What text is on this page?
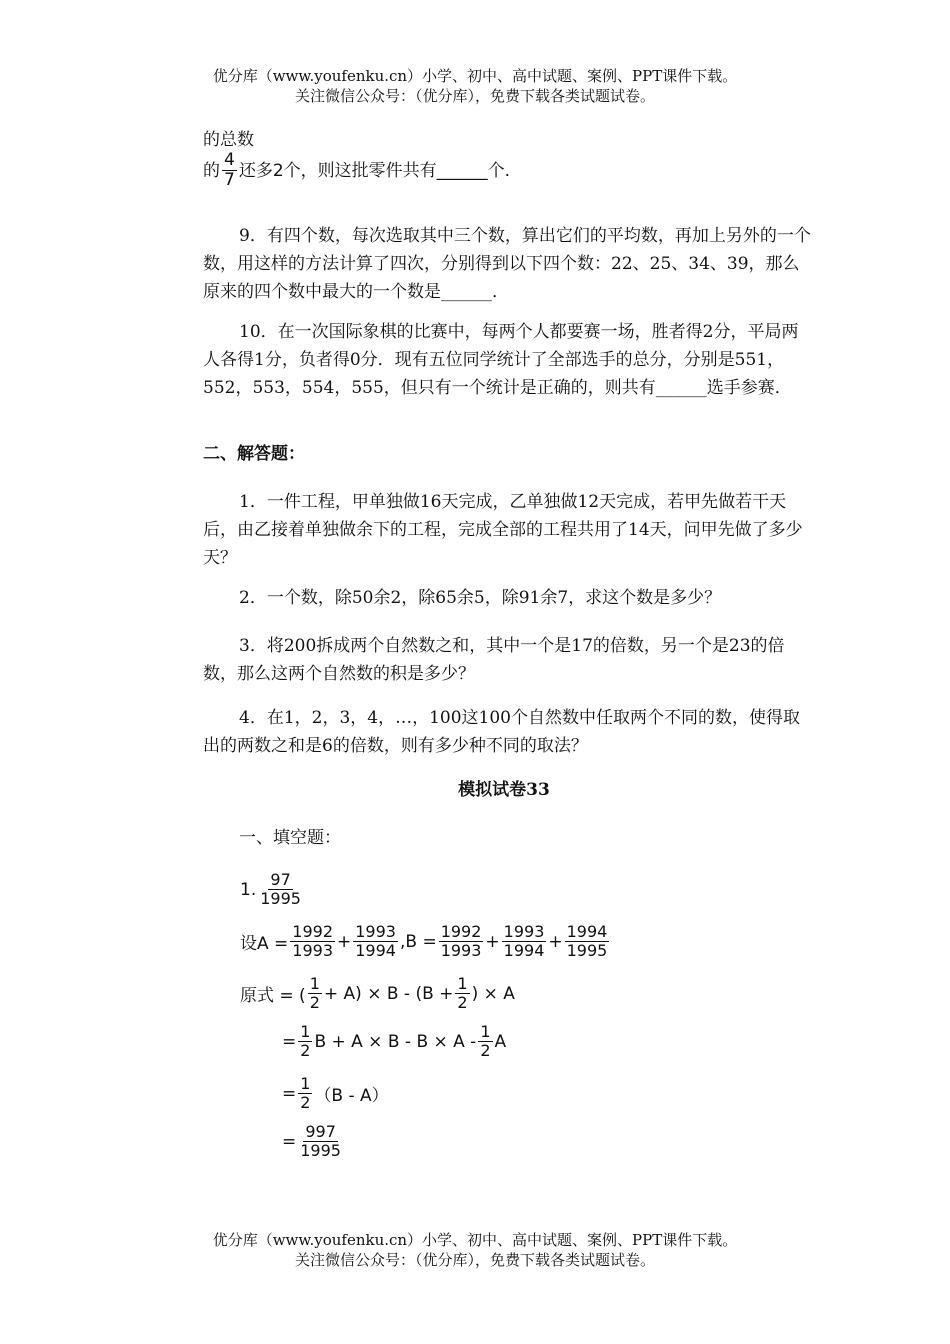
优分库（www.youfenku.cn）小学、初中、高中试题、案例、PPT课件下载。
关注微信公众号：（优分库），免费下载各类试题试卷。
的总数
的 $\frac{4}{7}$ 还多2个，则这批零件共有______个.
9．有四个数，每次选取其中三个数，算出它们的平均数，再加上另外的一个数，用这样的方法计算了四次，分别得到以下四个数：22、25、34、39，那么原来的四个数中最大的一个数是______．
10．在一次国际象棋的比赛中，每两个人都要赛一场，胜者得2分，平局两人各得1分，负者得0分．现有五位同学统计了全部选手的总分，分别是551，552，553，554，555，但只有一个统计是正确的，则共有______选手参赛．
二、解答题：
1．一件工程，甲单独做16天完成，乙单独做12天完成，若甲先做若干天后，由乙接着单独做余下的工程，完成全部的工程共用了14天，问甲先做了多少天？
2．一个数，除50余2，除65余5，除91余7，求这个数是多少？
3．将200拆成两个自然数之和，其中一个是17的倍数，另一个是23的倍数，那么这两个自然数的积是多少？
4．在1，2，3，4，…，100这100个自然数中任取两个不同的数，使得取出的两数之和是6的倍数，则有多少种不同的取法？
模拟试卷33
一、填空题：
1. $\frac{97}{1995}$
设$A = \frac{1992}{1993} + \frac{1993}{1994} ,B = \frac{1992}{1993} + \frac{1993}{1994} + \frac{1994}{1995}$
原式 = ( $\frac{1}{2} + A) \times B - (B + \frac{1}{2}$ ) × A
= $\frac{1}{2}$ $B + A \times B - B \times A - \frac{1}{2}$ A
= $\frac{1}{2} (B - A)$
= $\frac{997}{1995}$
优分库（www.youfenku.cn）小学、初中、高中试题、案例、PPT课件下载。
关注微信公众号：（优分库），免费下载各类试题试卷。
